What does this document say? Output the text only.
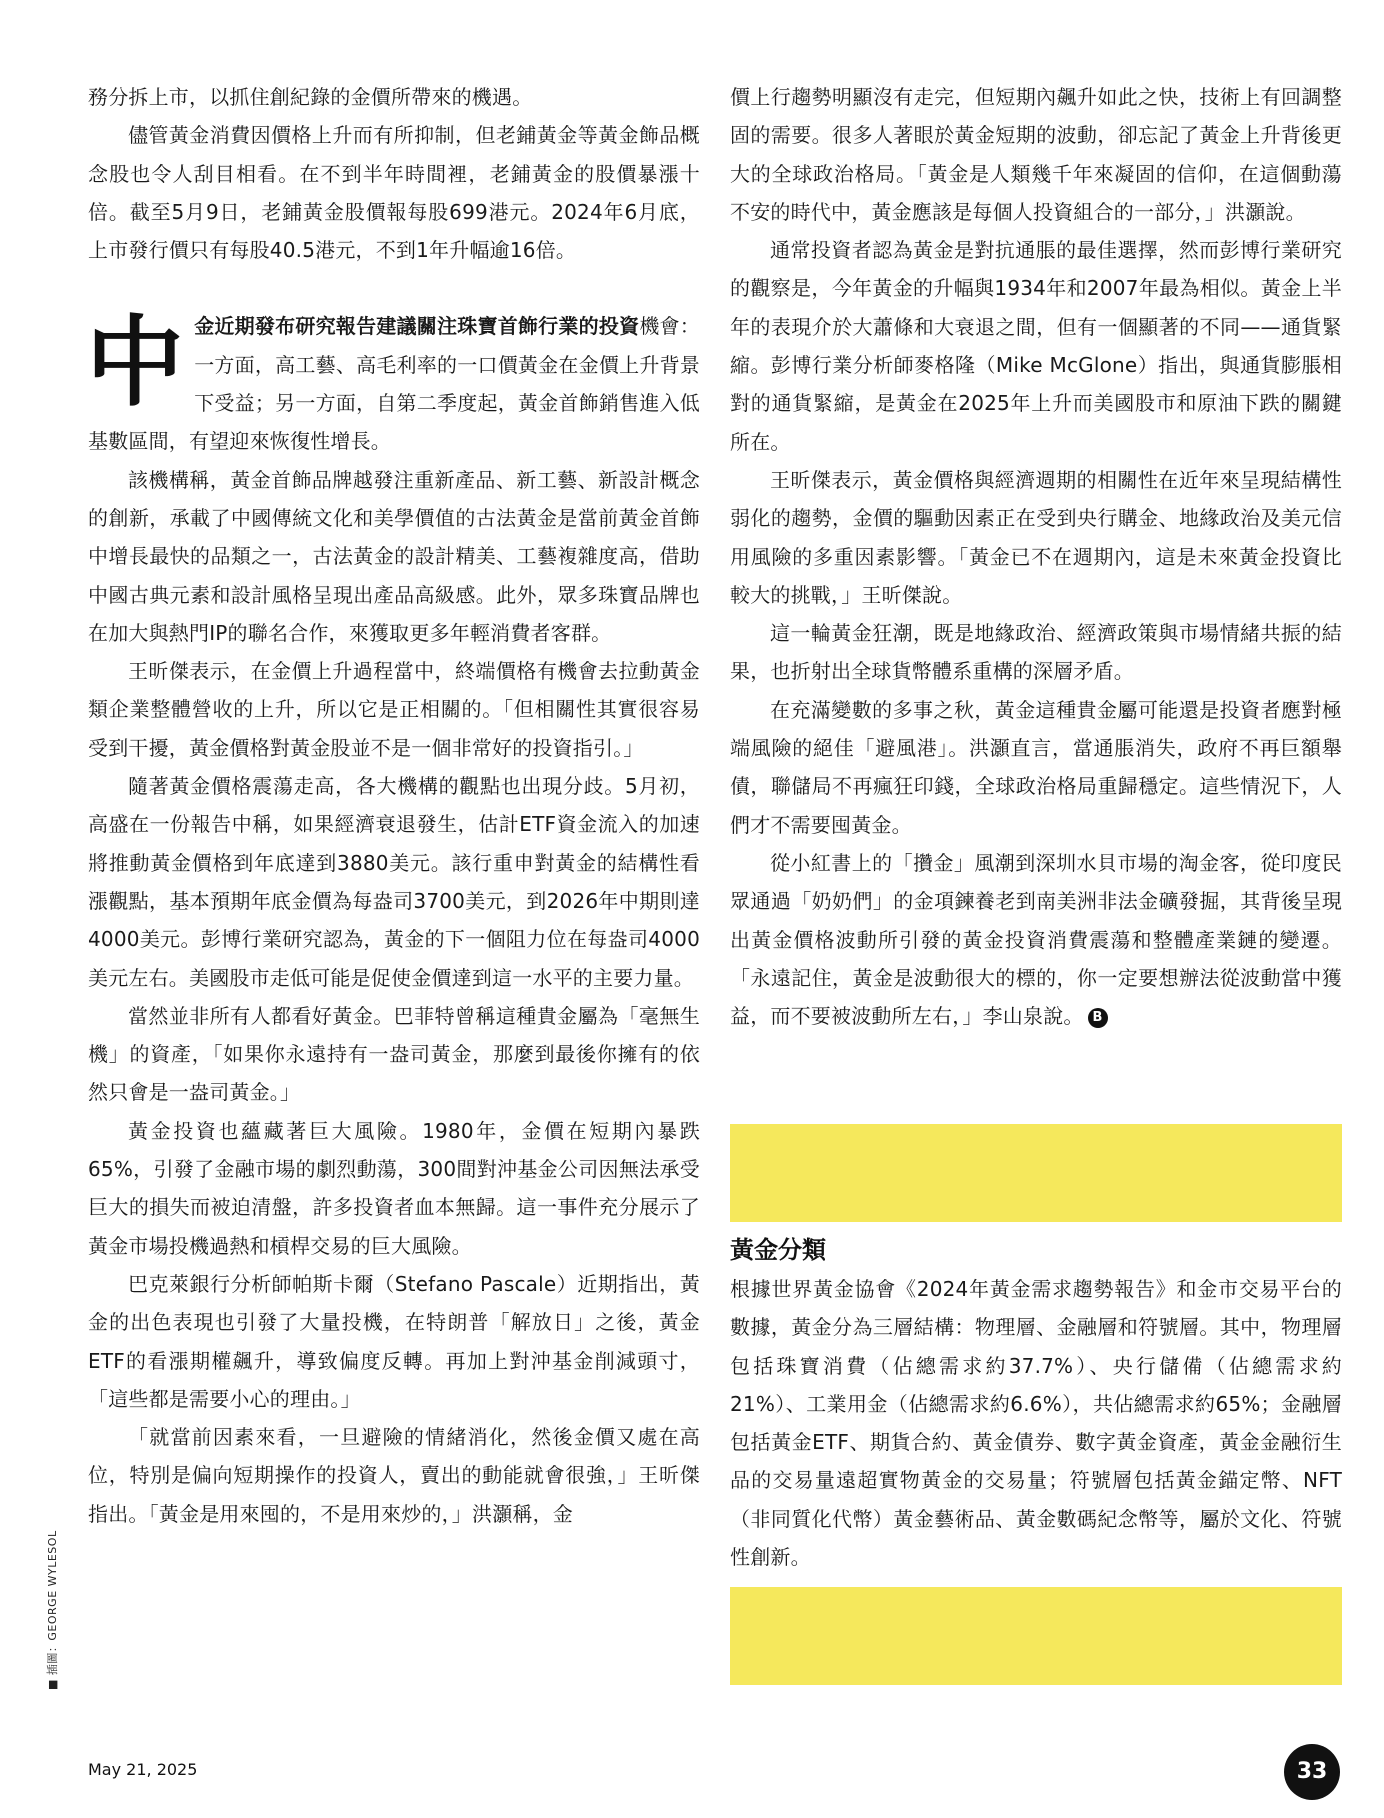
務分拆上市，以抓住創紀錄的金價所帶來的機遇。

儘管黃金消費因價格上升而有所抑制，但老鋪黃金等黃金飾品概念股也令人刮目相看。在不到半年時間裡，老鋪黃金的股價暴漲十倍。截至5月9日，老鋪黃金股價報每股699港元。2024年6月底，上市發行價只有每股40.5港元，不到1年升幅逾16倍。

中金近期發布研究報告建議關注珠寶首飾行業的投資機會：一方面，高工藝、高毛利率的一口價黃金在金價上升背景下受益；另一方面，自第二季度起，黃金首飾銷售進入低基數區間，有望迎來恢復性增長。

該機構稱，黃金首飾品牌越發注重新產品、新工藝、新設計概念的創新，承載了中國傳統文化和美學價值的古法黃金是當前黃金首飾中增長最快的品類之一，古法黃金的設計精美、工藝複雜度高，借助中國古典元素和設計風格呈現出產品高級感。此外，眾多珠寶品牌也在加大與熱門IP的聯名合作，來獲取更多年輕消費者客群。

王昕傑表示，在金價上升過程當中，終端價格有機會去拉動黃金類企業整體營收的上升，所以它是正相關的。「但相關性其實很容易受到干擾，黃金價格對黃金股並不是一個非常好的投資指引。」

隨著黃金價格震蕩走高，各大機構的觀點也出現分歧。5月初，高盛在一份報告中稱，如果經濟衰退發生，估計ETF資金流入的加速將推動黃金價格到年底達到3880美元。該行重申對黃金的結構性看漲觀點，基本預期年底金價為每盎司3700美元，到2026年中期則達4000美元。彭博行業研究認為，黃金的下一個阻力位在每盎司4000美元左右。美國股市走低可能是促使金價達到這一水平的主要力量。

當然並非所有人都看好黃金。巴菲特曾稱這種貴金屬為「毫無生機」的資產，「如果你永遠持有一盎司黃金，那麼到最後你擁有的依然只會是一盎司黃金。」

黃金投資也蘊藏著巨大風險。1980年，金價在短期內暴跌65%，引發了金融市場的劇烈動蕩，300間對沖基金公司因無法承受巨大的損失而被迫清盤，許多投資者血本無歸。這一事件充分展示了黃金市場投機過熱和槓桿交易的巨大風險。

巴克萊銀行分析師帕斯卡爾（Stefano Pascale）近期指出，黃金的出色表現也引發了大量投機，在特朗普「解放日」之後，黃金ETF的看漲期權飆升，導致偏度反轉。再加上對沖基金削減頭寸，「這些都是需要小心的理由。」

「就當前因素來看，一旦避險的情緒消化，然後金價又處在高位，特別是偏向短期操作的投資人，賣出的動能就會很強，」王昕傑指出。「黃金是用來囤的，不是用來炒的，」洪灝稱，金

價上行趨勢明顯沒有走完，但短期內飆升如此之快，技術上有回調整固的需要。很多人著眼於黃金短期的波動，卻忘記了黃金上升背後更大的全球政治格局。「黃金是人類幾千年來凝固的信仰，在這個動蕩不安的時代中，黃金應該是每個人投資組合的一部分，」洪灝說。

通常投資者認為黃金是對抗通脹的最佳選擇，然而彭博行業研究的觀察是，今年黃金的升幅與1934年和2007年最為相似。黃金上半年的表現介於大蕭條和大衰退之間，但有一個顯著的不同——通貨緊縮。彭博行業分析師麥格隆（Mike McGlone）指出，與通貨膨脹相對的通貨緊縮，是黃金在2025年上升而美國股市和原油下跌的關鍵所在。

王昕傑表示，黃金價格與經濟週期的相關性在近年來呈現結構性弱化的趨勢，金價的驅動因素正在受到央行購金、地緣政治及美元信用風險的多重因素影響。「黃金已不在週期內，這是未來黃金投資比較大的挑戰，」王昕傑說。

這一輪黃金狂潮，既是地緣政治、經濟政策與市場情緒共振的結果，也折射出全球貨幣體系重構的深層矛盾。

在充滿變數的多事之秋，黃金這種貴金屬可能還是投資者應對極端風險的絕佳「避風港」。洪灝直言，當通脹消失，政府不再巨額舉債，聯儲局不再瘋狂印錢，全球政治格局重歸穩定。這些情況下，人們才不需要囤黃金。

從小紅書上的「攢金」風潮到深圳水貝市場的淘金客，從印度民眾通過「奶奶們」的金項鍊養老到南美洲非法金礦發掘，其背後呈現出黃金價格波動所引發的黃金投資消費震蕩和整體產業鏈的變遷。「永遠記住，黃金是波動很大的標的，你一定要想辦法從波動當中獲益，而不要被波動所左右，」李山泉說。 B

黃金分類

根據世界黃金協會《2024年黃金需求趨勢報告》和金市交易平台的數據，黃金分為三層結構：物理層、金融層和符號層。其中，物理層包括珠寶消費（佔總需求約37.7%）、央行儲備（佔總需求約21%）、工業用金（佔總需求約6.6%），共佔總需求約65%；金融層包括黃金ETF、期貨合約、黃金債券、數字黃金資產，黃金金融衍生品的交易量遠超實物黃金的交易量；符號層包括黃金錨定幣、NFT（非同質化代幣）黃金藝術品、黃金數碼紀念幣等，屬於文化、符號性創新。

■ 插圖：GEORGE WYLESOL
May 21, 2025	33
